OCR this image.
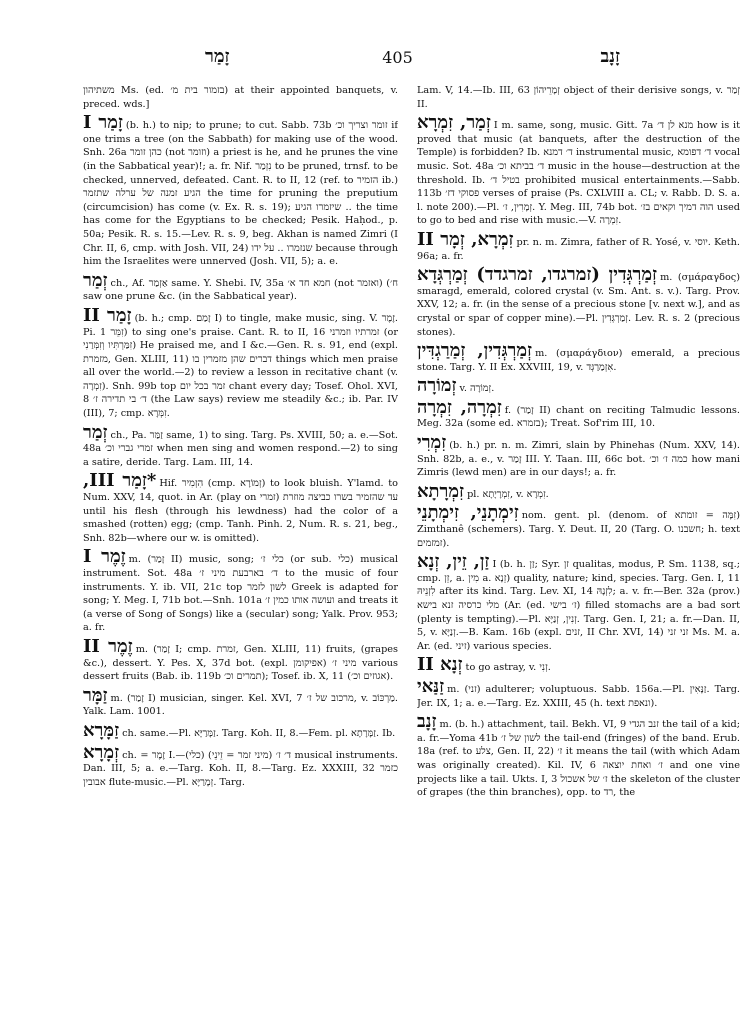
זָמַר	405	זָנָב

משתיהון Ms. (ed. בזמור בית מ׳) at their appointed banquets, v. preced. wds.]

זָמַר I (b. h.) to nip; to prune; to cut. Sabb. 73b זומר וצריך וכ׳ if one trims a tree (on the Sabbath) for making use of the wood. Snh. 26a כהן זומר (not וזומר) a priest is he, and he prunes the vine (in the Sabbatical year)!; a. fr. Nif. נִזְמַר to be pruned, trnsf. to be checked, unnerved, defeated. Cant. R. to II, 12 (ref. to הזמיר ib.) הגיע זמנה של ערלה שתזמר the time for pruning the preputium (circumcision) has come (v. Ex. R. s. 19); שיזמרו הגיע .. the time has come for the Egyptians to be checked; Pesik. Haḥod., p. 50a; Pesik. R. s. 15.—Lev. R. s. 9, beg. Akhan is named Zimri (I Chr. II, 6, cmp. with Josh. VII, 24) שנזמרו .. על ידו because through him the Israelites were unnerved (Josh. VII, 5); a. e.

זְמַר ch., Af. אַזְמַר same. Y. Shebi. IV, 35a חמא חד א׳ (not ואזמר) (ח׳ saw one prune &c. (in the Sabbatical year).

זָמַר II (b. h.; cmp. זָמַם I) to tingle, make music, sing. V. זֶמֶר. Pi. זִמֵּר 1) to sing one's praise. Cant. R. to II, 16 זמרתיו וזמרני (or זִמַּרְתִּיו וְזִמְּרַנִי) He praised me, and I &c.—Gen. R. s. 91, end (expl. מזמרת, Gen. XLIII, 11) דברים שהן מזמרין בו things which men praise all over the world.—2) to review a lesson in recitative chant (v. זִמְרָה). Snh. 99b top זמר בכל יום chant every day; Tosef. Ohol. XVI, 8 ד׳ בי תדירה ז׳ (the Law says) review me steadily &c.; ib. Par. IV (III), 7; cmp. זִמְּרָא.

זְמַר ch., Pa. זַמַּר same, 1) to sing. Targ. Ps. XVIII, 50; a. e.—Sot. 48a זמרי גברי וכ׳ when men sing and women respond.—2) to sing a satire, deride. Targ. Lam. III, 14.

*זָמַר III, Hif. הִזְמִיר (cmp. זְמוֹרָא) to look bluish. Y'lamd. to Num. XXV, 14, quot. in Ar. (play on זמרי) עד שהזמיר בשרו כביצה מוזרת until his flesh (through his lewdness) had the color of a smashed (rotten) egg; (cmp. Tanh. Pinh. 2, Num. R. s. 21, beg., Snh. 82b—where our w. is omitted).

זֶמֶר I m. (זָמַר II) music, song; כלי ז׳ (or sub. כלי) musical instrument. Sot. 48a ד׳ בארבעת מיני ז׳ to the music of four instruments. Y. ib. VII, 21c top לשון לזמר Greek is adapted for song; Y. Meg. I, 71b bot.—Snh. 101a ועושה אותו כמין ז׳ and treats it (a verse of Song of Songs) like a (secular) song; Yalk. Prov. 953; a. fr.

זֶמֶר II m. (זָמַר I; cmp. זמרת, Gen. XLIII, 11) fruits, (grapes &c.), dessert. Y. Pes. X, 37d bot. (expl. אפיקומן) מיני ז׳ various dessert fruits (Bab. ib. 119b תמרים וכ׳); Tosef. ib. X, 11 (אגוזים וכ׳).

זַמָּר m. (זָמַר I) musician, singer. Kel. XVI, 7 מרכוב של ז׳, v. מַרְכּוֹב. Yalk. Lam. 1001.

זַמָּרָא ch. same.—Pl. זַמָּרַיָּא. Targ. Koh. II, 8.—Fem. pl. זַמָּרָתָא. Ib.

זְמָרָא ch. = זֶמֶר I.—ד׳ ז׳ (מיני זמר = זֵינֵי) (כלי) musical instruments. Dan. III, 5; a. e.—Targ. Koh. II, 8.—Targ. Ez. XXXIII, 32 כזמר אבובין flute-music.—Pl. זְמָרַיָּא. Targ.

Lam. V, 14.—Ib. III, 63 זְמָרֵיהוֹן object of their derisive songs, v. זְמַר II.

זְמַר, זִמְרָא I m. same, song, music. Gitt. 7a מנא לן ד׳ how is it proved that music (at banquets, after the destruction of the Temple) is forbidden? Ib. ד׳ דמנא instrumental music, ד׳ דפומא vocal music. Sot. 48a ד׳ בביתא וכ׳ music in the house—destruction at the threshold. Ib. בטיל ד׳ prohibited musical entertainments.—Sabb. 113b פסוקי דז׳ verses of praise (Ps. CXLVIII a. CL; v. Rabb. D. S. a. l. note 200).—Pl. זְמָרִין, ז׳. Y. Meg. III, 74b bot. הוה דמיך וקאים בז׳ used to go to bed and rise with music.—V. זִמְרָה.

זִמְרָא, זְמָר II pr. n. m. Zimra, father of R. Yosé, v. יוסי. Keth. 96a; a. fr.

זְמַרְגְּדִין (זמרגדו, זמרגדד) זְמַרְגְּדָא m. (σμάραγδος) smaragd, emerald, colored crystal (v. Sm. Ant. s. v.). Targ. Prov. XXV, 12; a. fr. (in the sense of a precious stone [v. next w.], and as crystal or spar of copper mine).—Pl. זְמַרְגְּדִין. Lev. R. s. 2 (precious stones).

זְמַרְגְּדִין, זְמַרַגְדִּין m. (σμαράγδιον) emerald, a precious stone. Targ. Y. II Ex. XXVIII, 19, v. אִזְמַרַגְּד.

זְמוֹרָה v. זְמוֹרָה.

זִמְרָה, זִמְרָה f. (זָמַר II) chant on reciting Talmudic lessons. Meg. 32a (some ed. בזמרא); Treat. Sof'rim III, 10.

זִמְרִי (b. h.) pr. n. m. Zimri, slain by Phinehas (Num. XXV, 14). Snh. 82b, a. e., v. זָמַר III. Y. Taan. III, 66c bot. כמה ז׳ וכ׳ how mani Zimris (lewd men) are in our days!; a. fr.

זִמְרָתָא pl. זִמְרָיָתָא, v. זִמְרָא.

זִימְתָנֵי, זִימְתָנֵי nom. gent. pl. (denom. of זִמָּה = זומתא) Zimthanê (schemers). Targ. Y. Deut. II, 20 (Targ. O. חשבנו; h. text זמזמים).

זַן, זֵין, זְנָא I (b. h. זַן; Syr. זן qualitas, modus, P. Sm. 1138, sq.; cmp. זֵן, a. מִין a. זֵנָא) quality, nature; kind, species. Targ. Gen. I, 11 לִזְנֵיהּ after its kind. Targ. Lev. XI, 14 לִזְנָהּ; a. v. fr.—Ber. 32a (prov.) מלי כרסיה זנא בישא (Ar. (ed. ז׳ בישי) filled stomachs are a bad sort (plenty is tempting).—Pl. זְנִין, זְנַיָּא. Targ. Gen. I, 21; a. fr.—Dan. II, 5, v. זְנַיָּא.—B. Kam. 16b (expl. זנים, II Chr. XVI, 14) זני זני Ms. M. a. Ar. (ed. זיני) various species.

זְנָא II to go astray, v. זְנִי.

זַנַּאי m. (זני) adulterer; voluptuous. Sabb. 156a.—Pl. זַנָּאִין. Targ. Jer. IX, 1; a. e.—Targ. Ez. XXIII, 45 (h. text ונאפת).

זָנָב m. (b. h.) attachment, tail. Bekh. VI, 9 זנב הגדי the tail of a kid; a. fr.—Yoma 41b לשון של ז׳ the tail-end (fringes) of the band. Erub. 18a (ref. to צלע, Gen. II, 22) ז׳ it means the tail (with which Adam was originally created). Kil. IV, 6 ז׳ ואחת יוצאה and one vine projects like a tail. Ukts. I, 3 ז׳ של אשכול the skeleton of the cluster of grapes (the thin branches), opp. to רד, the
